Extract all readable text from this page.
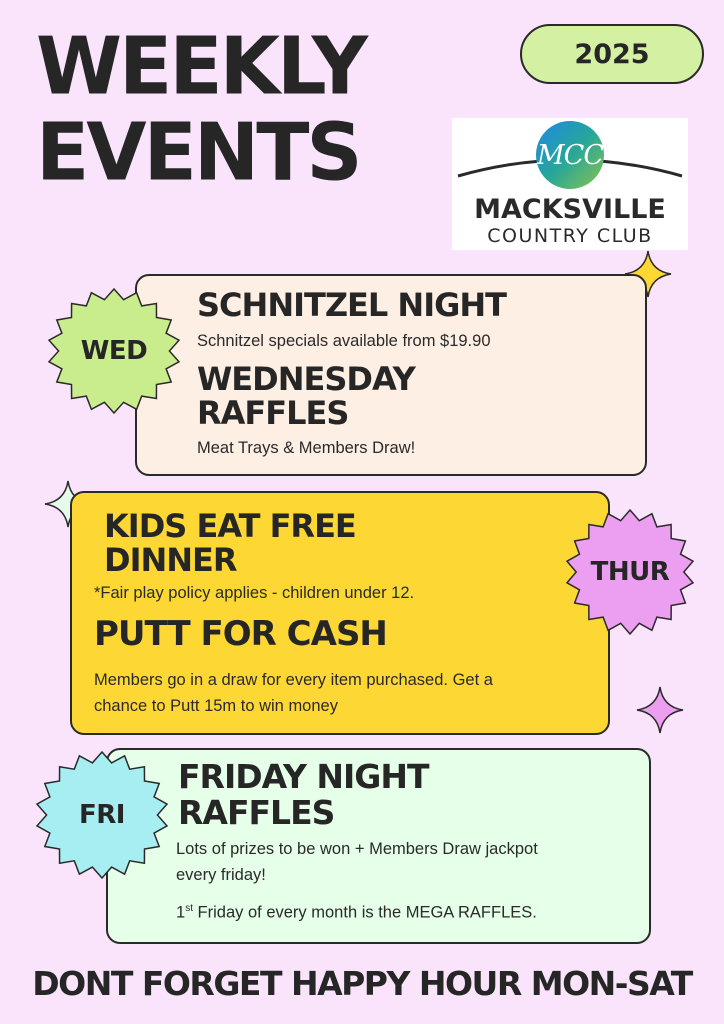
WEEKLY
EVENTS
2025
MCC
MACKSVILLE
COUNTRY CLUB
SCHNITZEL NIGHT
Schnitzel specials available from $19.90
WEDNESDAY
RAFFLES
Meat Trays & Members Draw!
WED
KIDS EAT FREE
DINNER
*Fair play policy applies - children under 12.
PUTT FOR CASH
Members go in a draw for every item purchased. Get a
chance to Putt 15m to win money
THUR
FRIDAY NIGHT
RAFFLES
Lots of prizes to be won + Members Draw jackpot
every friday!
1st Friday of every month is the MEGA RAFFLES.
FRI
DONT FORGET HAPPY HOUR MON-SAT
